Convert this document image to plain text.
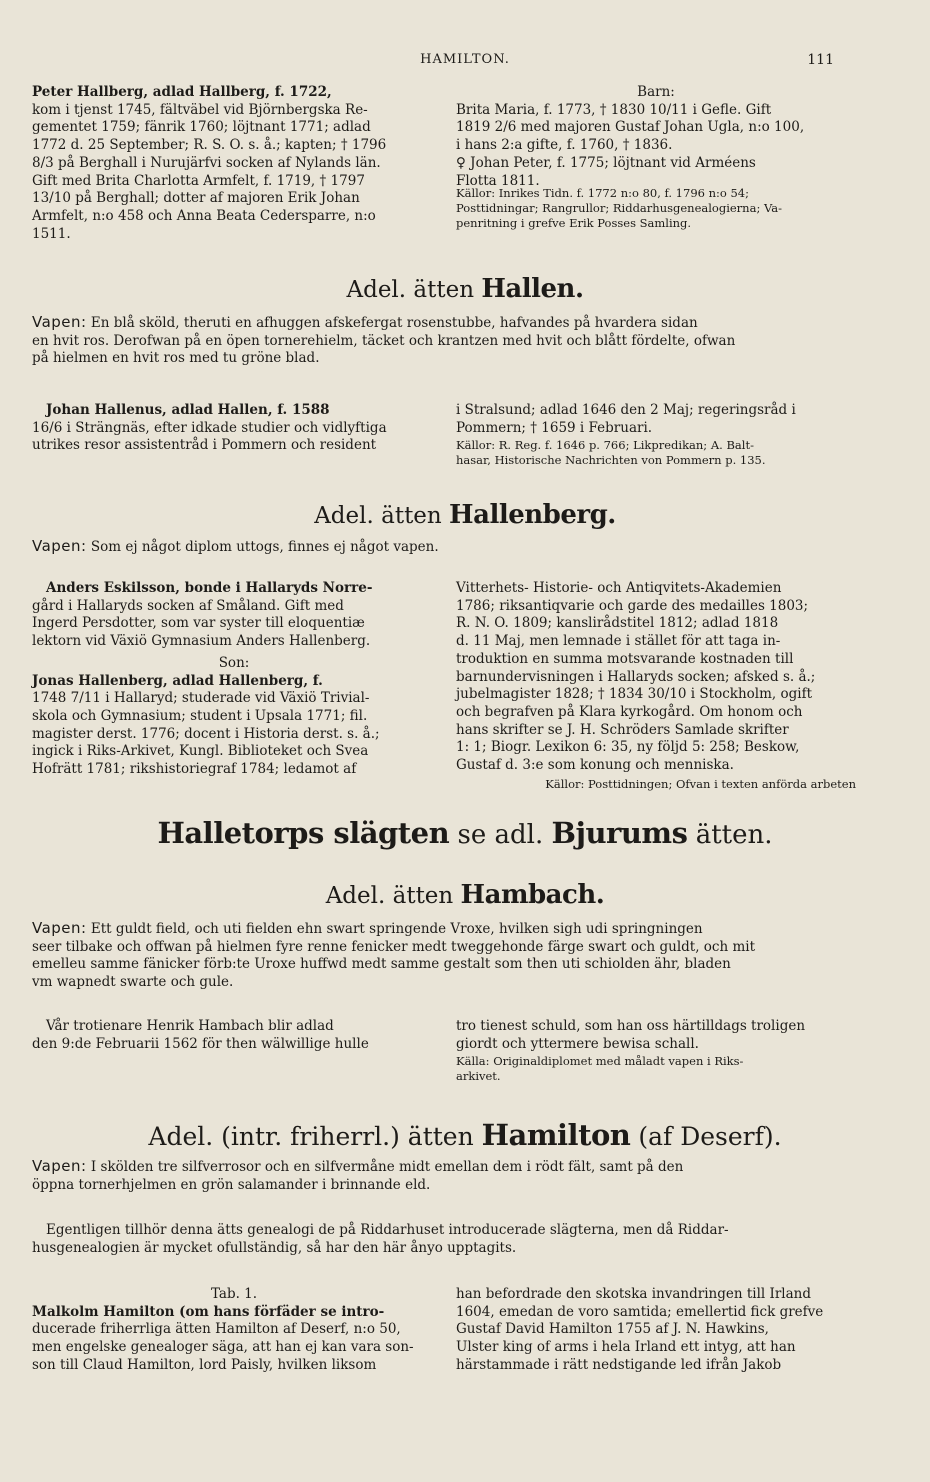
HAMILTON.	111
Peter Hallberg, adlad Hallberg, f. 1722,
kom i tjenst 1745, fältväbel vid Björnbergska Re-
gementet 1759; fänrik 1760; löjtnant 1771; adlad
1772 d. 25 September; R. S. O. s. å.; kapten; † 1796
8/3 på Berghall i Nurujärfvi socken af Nylands län.
Gift med Brita Charlotta Armfelt, f. 1719, † 1797
13/10 på Berghall; dotter af majoren Erik Johan
Armfelt, n:o 458 och Anna Beata Cedersparre, n:o
1511.
Barn:
Brita Maria, f. 1773, † 1830 10/11 i Gefle. Gift
1819 2/6 med majoren Gustaf Johan Ugla, n:o 100,
i hans 2:a gifte, f. 1760, † 1836.
♀ Johan Peter, f. 1775; löjtnant vid Arméens
Flotta 1811.
Källor: Inrikes Tidn. f. 1772 n:o 80, f. 1796 n:o 54;
Posttidningar; Rangrullor; Riddarhusgenealogierna; Va-
penritning i grefve Erik Posses Samling.
Adel. ätten Hallen.
Vapen: En blå sköld, theruti en afhuggen afskefergat rosenstubbe, hafvandes på hvardera sidan
en hvit ros. Derofwan på en öpen tornerehielm, täcket och krantzen med hvit och blått fördelte, ofwan
på hielmen en hvit ros med tu gröne blad.
Johan Hallenus, adlad Hallen, f. 1588
16/6 i Strängnäs, efter idkade studier och vidlyftiga
utrikes resor assistentråd i Pommern och resident
i Stralsund; adlad 1646 den 2 Maj; regeringsråd i
Pommern; † 1659 i Februari.
Källor: R. Reg. f. 1646 p. 766; Likpredikan; A. Balt-
hasar, Historische Nachrichten von Pommern p. 135.
Adel. ätten Hallenberg.
Vapen: Som ej något diplom uttogs, finnes ej något vapen.
Anders Eskilsson, bonde i Hallaryds Norre-
gård i Hallaryds socken af Småland. Gift med
Ingerd Persdotter, som var syster till eloquentiæ
lektorn vid Växiö Gymnasium Anders Hallenberg.
Son:
Jonas Hallenberg, adlad Hallenberg, f.
1748 7/11 i Hallaryd; studerade vid Växiö Trivial-
skola och Gymnasium; student i Upsala 1771; fil.
magister derst. 1776; docent i Historia derst. s. å.;
ingick i Riks-Arkivet, Kungl. Biblioteket och Svea
Hofrätt 1781; rikshistoriegraf 1784; ledamot af
Vitterhets- Historie- och Antiqvitets-Akademien
1786; riksantiqvarie och garde des medailles 1803;
R. N. O. 1809; kanslirådstitel 1812; adlad 1818
d. 11 Maj, men lemnade i stället för att taga in-
troduktion en summa motsvarande kostnaden till
barnundervisningen i Hallaryds socken; afsked s. å.;
jubelmagister 1828; † 1834 30/10 i Stockholm, ogift
och begrafven på Klara kyrkogård. Om honom och
hans skrifter se J. H. Schröders Samlade skrifter
1: 1; Biogr. Lexikon 6: 35, ny följd 5: 258; Beskow,
Gustaf d. 3:e som konung och menniska.
Källor: Posttidningen; Ofvan i texten anförda arbeten
Halletorps slägten se adl. Bjurums ätten.
Adel. ätten Hambach.
Vapen: Ett guldt field, och uti fielden ehn swart springende Vroxe, hvilken sigh udi springningen
seer tilbake och offwan på hielmen fyre renne fenicker medt tweggehonde färge swart och guldt, och mit
emelleu samme fänicker förb:te Uroxe huffwd medt samme gestalt som then uti schiolden ähr, bladen
vm wapnedt swarte och gule.
Vår trotienare Henrik Hambach blir adlad
den 9:de Februarii 1562 för then wälwillige hulle
tro tienest schuld, som han oss härtilldags troligen
giordt och yttermere bewisa schall.
Källa: Originaldiplomet med måladt vapen i Riks-
arkivet.
Adel. (intr. friherrl.) ätten Hamilton (af Deserf).
Vapen: I skölden tre silfverrosor och en silfvermåne midt emellan dem i rödt fält, samt på den
öppna tornerhjelmen en grön salamander i brinnande eld.
Egentligen tillhör denna ätts genealogi de på Riddarhuset introducerade slägterna, men då Riddar-
husgenealogien är mycket ofullständig, så har den här ånyo upptagits.
Tab. 1.
Malkolm Hamilton (om hans förfäder se intro-
ducerade friherrliga ätten Hamilton af Deserf, n:o 50,
men engelske genealoger säga, att han ej kan vara son-
son till Claud Hamilton, lord Paisly, hvilken liksom
han befordrade den skotska invandringen till Irland
1604, emedan de voro samtida; emellertid fick grefve
Gustaf David Hamilton 1755 af J. N. Hawkins,
Ulster king of arms i hela Irland ett intyg, att han
härstammade i rätt nedstigande led ifrån Jakob
